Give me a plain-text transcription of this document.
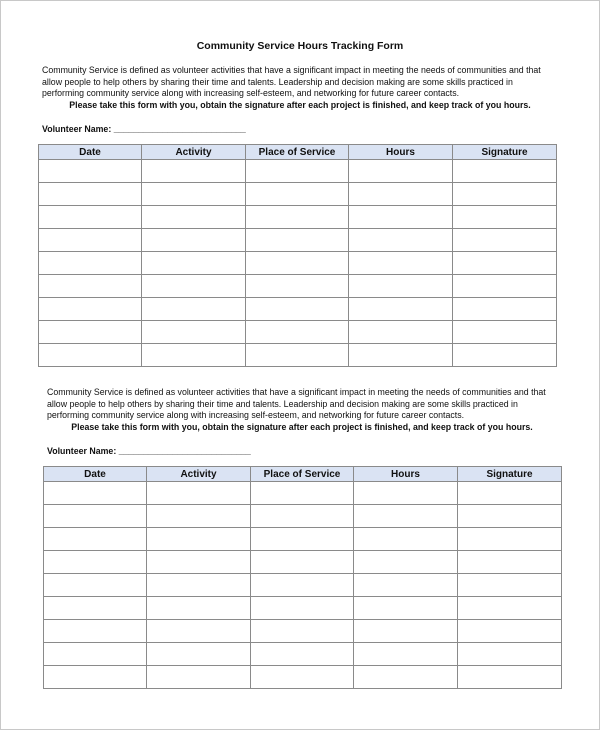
Community Service Hours Tracking Form

Community Service is defined as volunteer activities that have a significant impact in meeting the needs of communities and that

allow people to help others by sharing their time and talents. Leadership and decision making are some skills practiced in

performing community service along with increasing self-esteem, and networking for future career contacts.

Please take this form with you, obtain the signature after each project is finished, and keep track of you hours.

Volunteer Name: ___________________________
Date	Activity	Place of Service	Hours	Signature

Community Service is defined as volunteer activities that have a significant impact in meeting the needs of communities and that

allow people to help others by sharing their time and talents. Leadership and decision making are some skills practiced in

performing community service along with increasing self-esteem, and networking for future career contacts.

Please take this form with you, obtain the signature after each project is finished, and keep track of you hours.

Volunteer Name: ___________________________
Date	Activity	Place of Service	Hours	Signature
